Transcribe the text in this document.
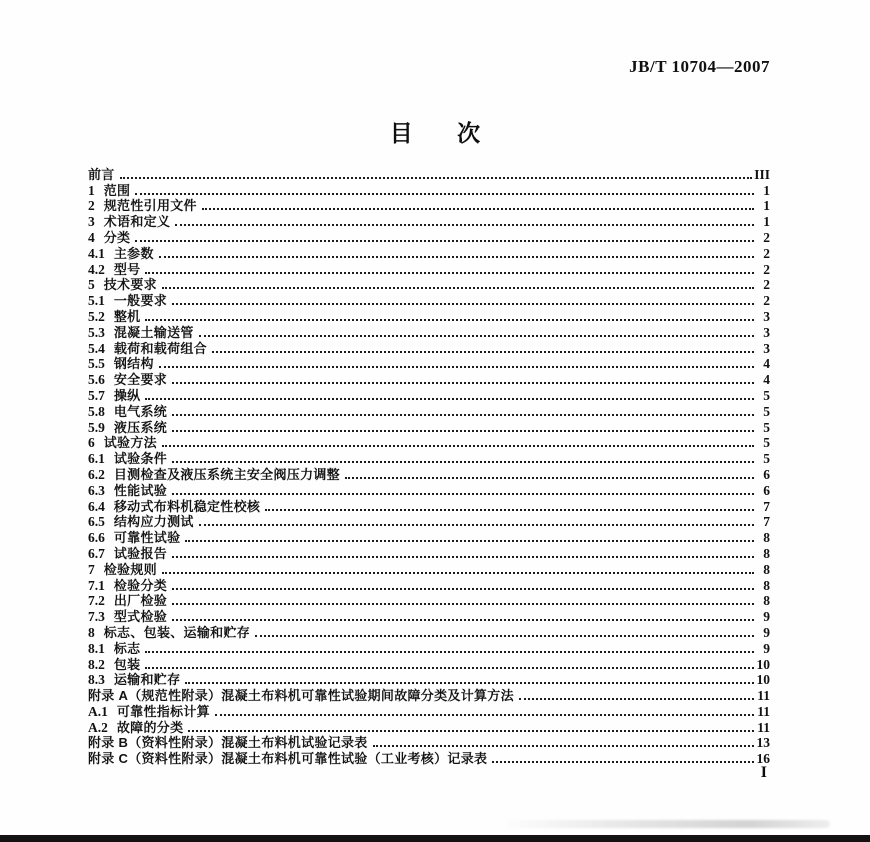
JB/T 10704—2007
目 次
前言	III
1 范围	1
2 规范性引用文件	1
3 术语和定义	1
4 分类	2
4.1 主参数	2
4.2 型号	2
5 技术要求	2
5.1 一般要求	2
5.2 整机	3
5.3 混凝土输送管	3
5.4 载荷和载荷组合	3
5.5 钢结构	4
5.6 安全要求	4
5.7 操纵	5
5.8 电气系统	5
5.9 液压系统	5
6 试验方法	5
6.1 试验条件	5
6.2 目测检查及液压系统主安全阀压力调整	6
6.3 性能试验	6
6.4 移动式布料机稳定性校核	7
6.5 结构应力测试	7
6.6 可靠性试验	8
6.7 试验报告	8
7 检验规则	8
7.1 检验分类	8
7.2 出厂检验	8
7.3 型式检验	9
8 标志、包装、运输和贮存	9
8.1 标志	9
8.2 包装	10
8.3 运输和贮存	10
附录 A（规范性附录）混凝土布料机可靠性试验期间故障分类及计算方法	11
A.1 可靠性指标计算	11
A.2 故障的分类	11
附录 B（资料性附录）混凝土布料机试验记录表	13
附录 C（资料性附录）混凝土布料机可靠性试验（工业考核）记录表	16
I
